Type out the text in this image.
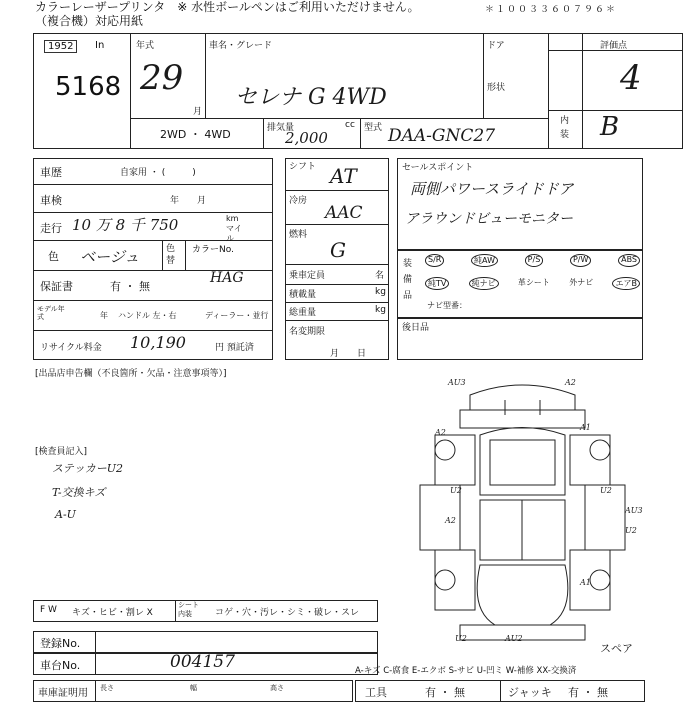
カラーレーザープリンタ　※ 水性ボールペンはご利用いただけません。
（複合機）対応用紙
＊１００３３６０７９６＊
1952	In
5168
年式
29
月
車名・グレード
セレナ G 4WD
ドア
形状
評価点
4
内装 B
2WD ・ 4WD	排気量	cc
2,000
型式 DAA-GNC27
車歴	自家用 ・ (　　　)
車検	年　　月
走行 10 万 8 千 750	km マイル
色 ベージュ	色替
カラーNo.
HAG
保証書	有 ・ 無
モデル年式	年 ハンドル 左・右	ディーラー・並行
リサイクル料金 10,190	円 預託済
シフト AT
冷房
AAC
燃料
G
乗車定員	名
積載量	kg
総重量	kg
名変期限
月　　日
セールスポイント
両側パワースライドドア
アラウンドビューモニター
装備品
S/R	純AW	P/S	P/W	ABS
純TV	純ナビ	革シート 外ナビ	エアB
ナビ型番：
後日品
[出品店申告欄（不良箇所・欠品・注意事項等）]
[検査員記入]
ステッカーU2
T-交換キズ
A-U
AU3	A2
A2
A1
U2	U2
AU3
U2
A2
A1
U2	AU2
スペア
F W キズ・ヒビ・割レ X
シート内装	コゲ・穴・汚レ・シミ・破レ・スレ
登録No.
車台No.	004157
車庫証明用 長さ	幅	高さ
A-キズ C-腐食 E-エクボ S-サビ U-凹ミ W-補修 XX-交換済
工具	有 ・ 無	ジャッキ 有 ・ 無
